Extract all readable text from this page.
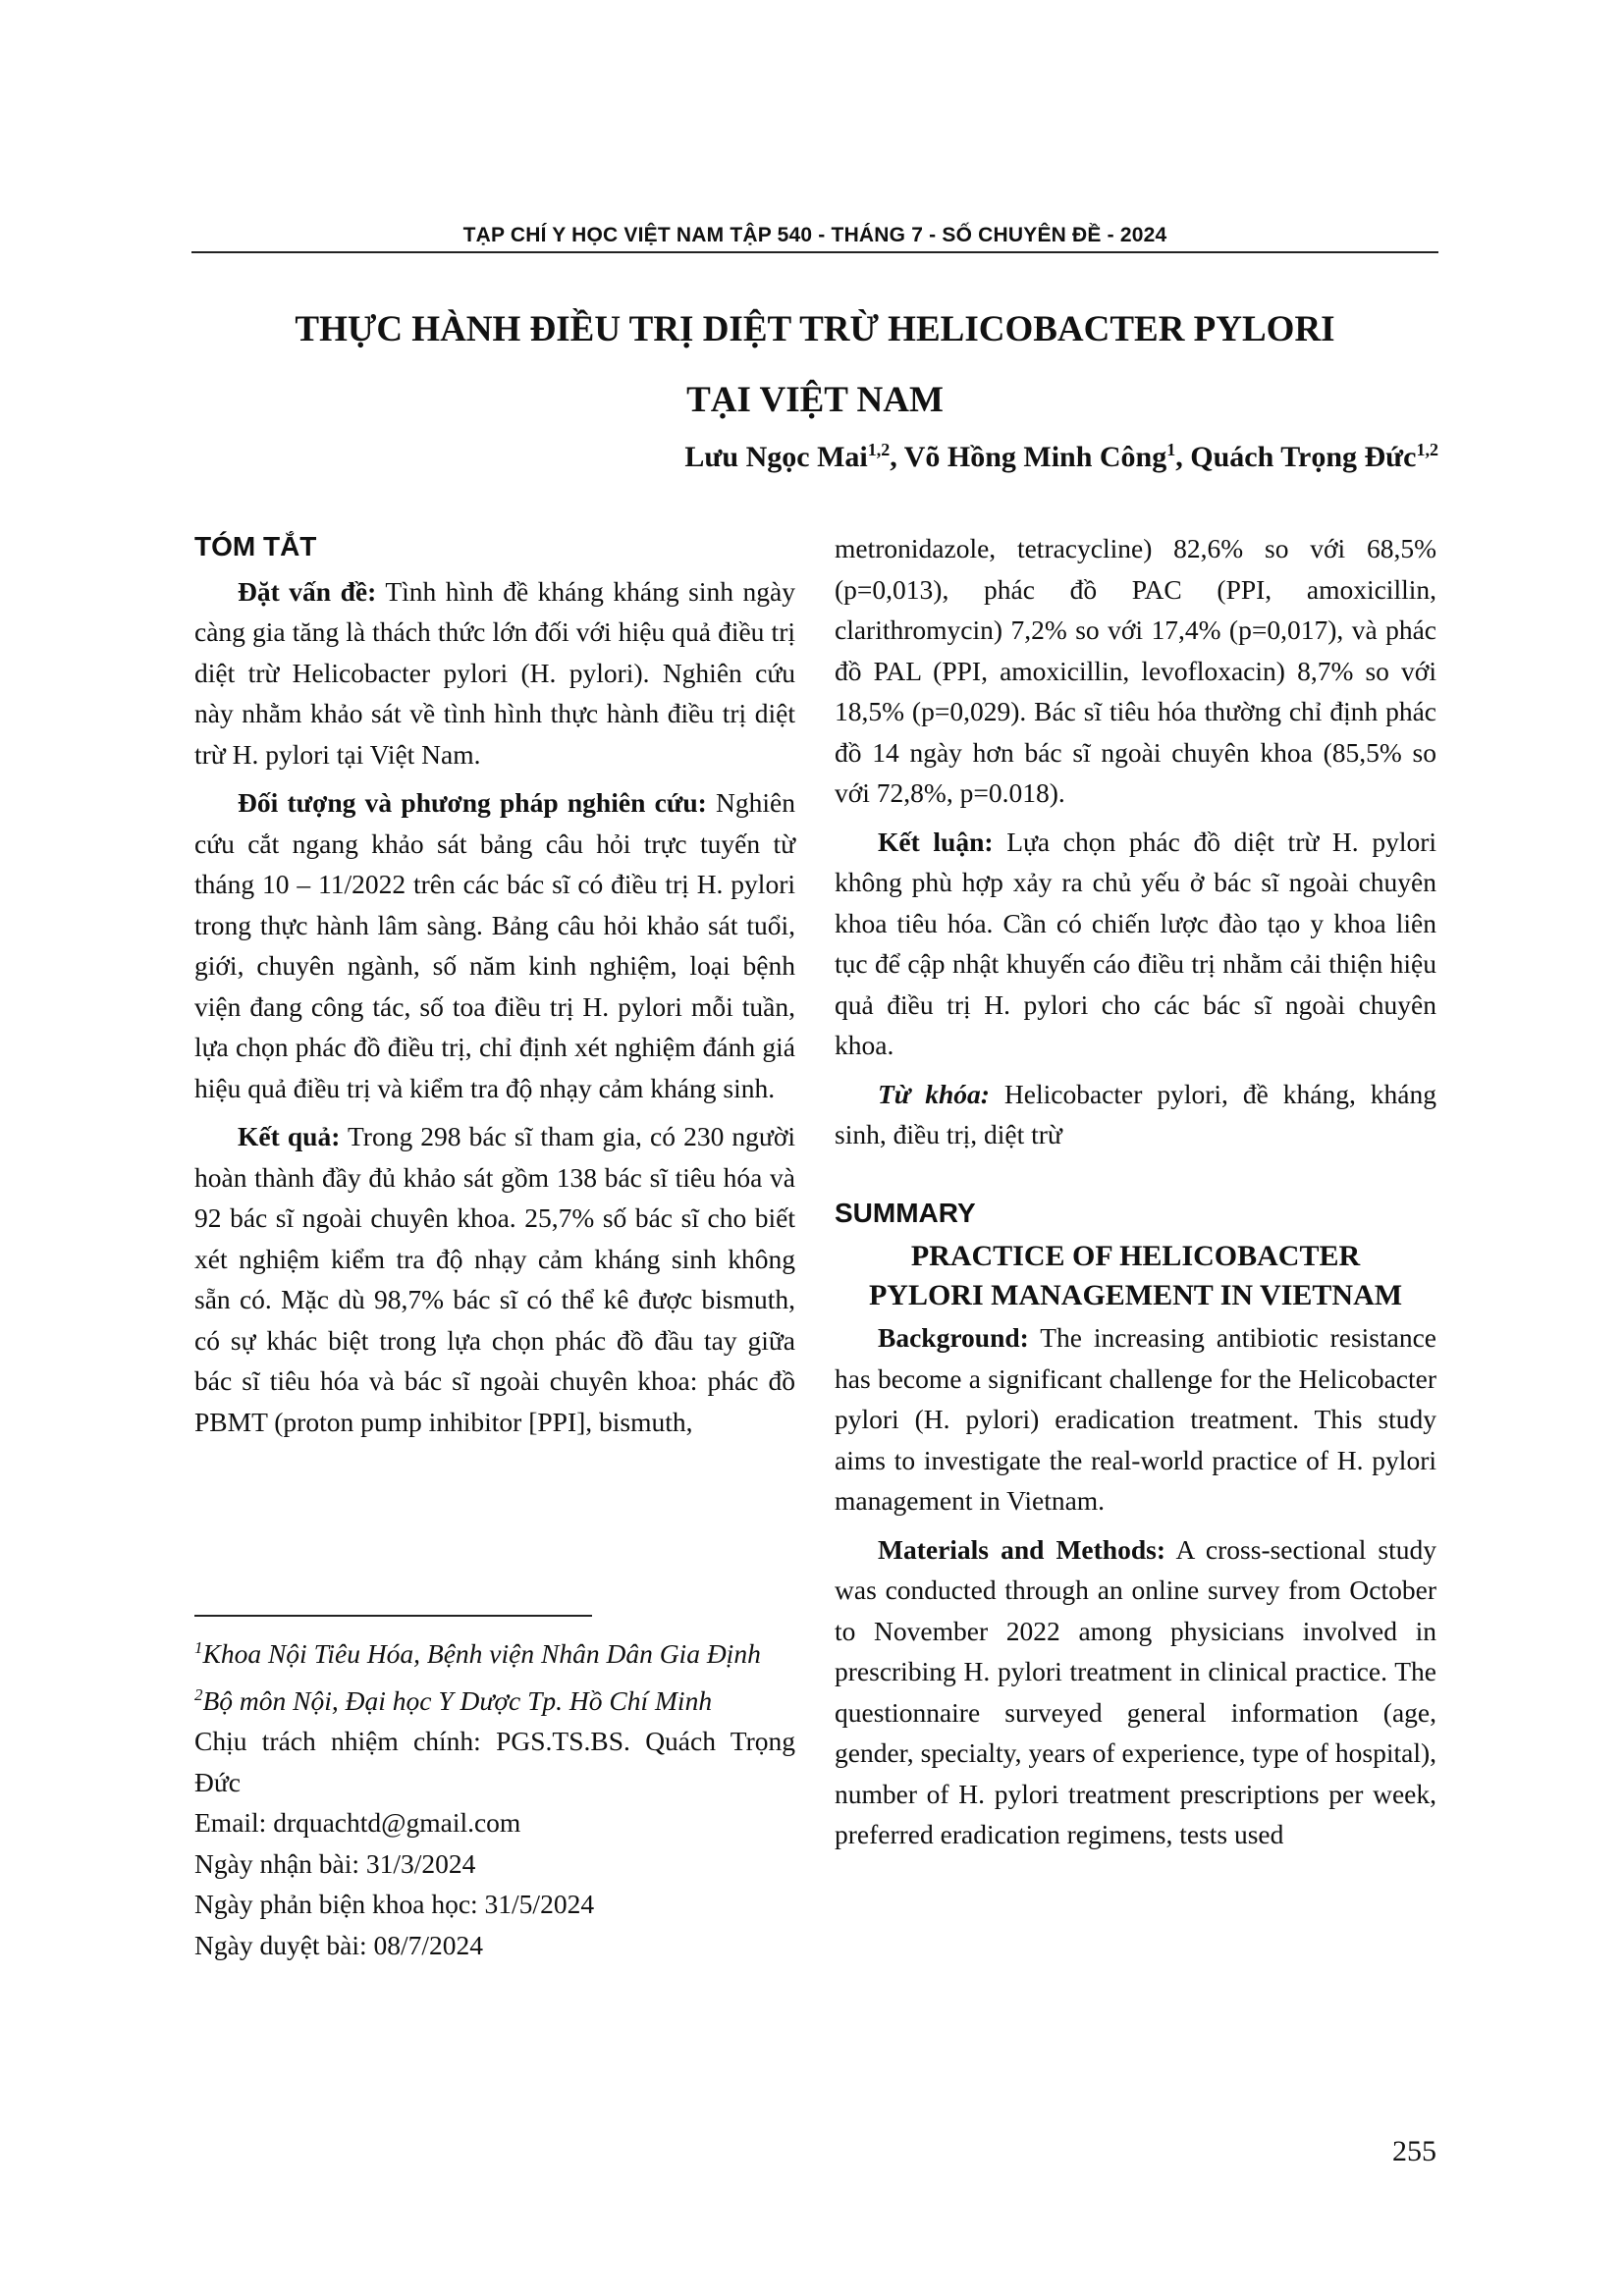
TẠP CHÍ Y HỌC VIỆT NAM TẬP 540 - THÁNG 7 - SỐ CHUYÊN ĐỀ - 2024
THỰC HÀNH ĐIỀU TRỊ DIỆT TRỪ HELICOBACTER PYLORI
TẠI VIỆT NAM
Lưu Ngọc Mai$^{1,2}$, Võ Hồng Minh Công$^1$, Quách Trọng Đức$^{1,2}$
TÓM TẮT
Đặt vấn đề: Tình hình đề kháng kháng sinh ngày càng gia tăng là thách thức lớn đối với hiệu quả điều trị diệt trừ Helicobacter pylori (H. pylori). Nghiên cứu này nhằm khảo sát về tình hình thực hành điều trị diệt trừ H. pylori tại Việt Nam.
Đối tượng và phương pháp nghiên cứu: Nghiên cứu cắt ngang khảo sát bảng câu hỏi trực tuyến từ tháng 10 – 11/2022 trên các bác sĩ có điều trị H. pylori trong thực hành lâm sàng. Bảng câu hỏi khảo sát tuổi, giới, chuyên ngành, số năm kinh nghiệm, loại bệnh viện đang công tác, số toa điều trị H. pylori mỗi tuần, lựa chọn phác đồ điều trị, chỉ định xét nghiệm đánh giá hiệu quả điều trị và kiểm tra độ nhạy cảm kháng sinh.
Kết quả: Trong 298 bác sĩ tham gia, có 230 người hoàn thành đầy đủ khảo sát gồm 138 bác sĩ tiêu hóa và 92 bác sĩ ngoài chuyên khoa. 25,7% số bác sĩ cho biết xét nghiệm kiểm tra độ nhạy cảm kháng sinh không sẵn có. Mặc dù 98,7% bác sĩ có thể kê được bismuth, có sự khác biệt trong lựa chọn phác đồ đầu tay giữa bác sĩ tiêu hóa và bác sĩ ngoài chuyên khoa: phác đồ PBMT (proton pump inhibitor [PPI], bismuth,
$^1$Khoa Nội Tiêu Hóa, Bệnh viện Nhân Dân Gia Định
$^2$Bộ môn Nội, Đại học Y Dược Tp. Hồ Chí Minh
Chịu trách nhiệm chính: PGS.TS.BS. Quách Trọng Đức
Email: drquachtd@gmail.com
Ngày nhận bài: 31/3/2024
Ngày phản biện khoa học: 31/5/2024
Ngày duyệt bài: 08/7/2024
metronidazole, tetracycline) 82,6% so với 68,5% (p=0,013), phác đồ PAC (PPI, amoxicillin, clarithromycin) 7,2% so với 17,4% (p=0,017), và phác đồ PAL (PPI, amoxicillin, levofloxacin) 8,7% so với 18,5% (p=0,029). Bác sĩ tiêu hóa thường chỉ định phác đồ 14 ngày hơn bác sĩ ngoài chuyên khoa (85,5% so với 72,8%, p=0.018).
Kết luận: Lựa chọn phác đồ diệt trừ H. pylori không phù hợp xảy ra chủ yếu ở bác sĩ ngoài chuyên khoa tiêu hóa. Cần có chiến lược đào tạo y khoa liên tục để cập nhật khuyến cáo điều trị nhằm cải thiện hiệu quả điều trị H. pylori cho các bác sĩ ngoài chuyên khoa.
Từ khóa: Helicobacter pylori, đề kháng, kháng sinh, điều trị, diệt trừ
SUMMARY
PRACTICE OF HELICOBACTER
PYLORI MANAGEMENT IN VIETNAM
Background: The increasing antibiotic resistance has become a significant challenge for the Helicobacter pylori (H. pylori) eradication treatment. This study aims to investigate the real-world practice of H. pylori management in Vietnam.
Materials and Methods: A cross-sectional study was conducted through an online survey from October to November 2022 among physicians involved in prescribing H. pylori treatment in clinical practice. The questionnaire surveyed general information (age, gender, specialty, years of experience, type of hospital), number of H. pylori treatment prescriptions per week, preferred eradication regimens, tests used
255
